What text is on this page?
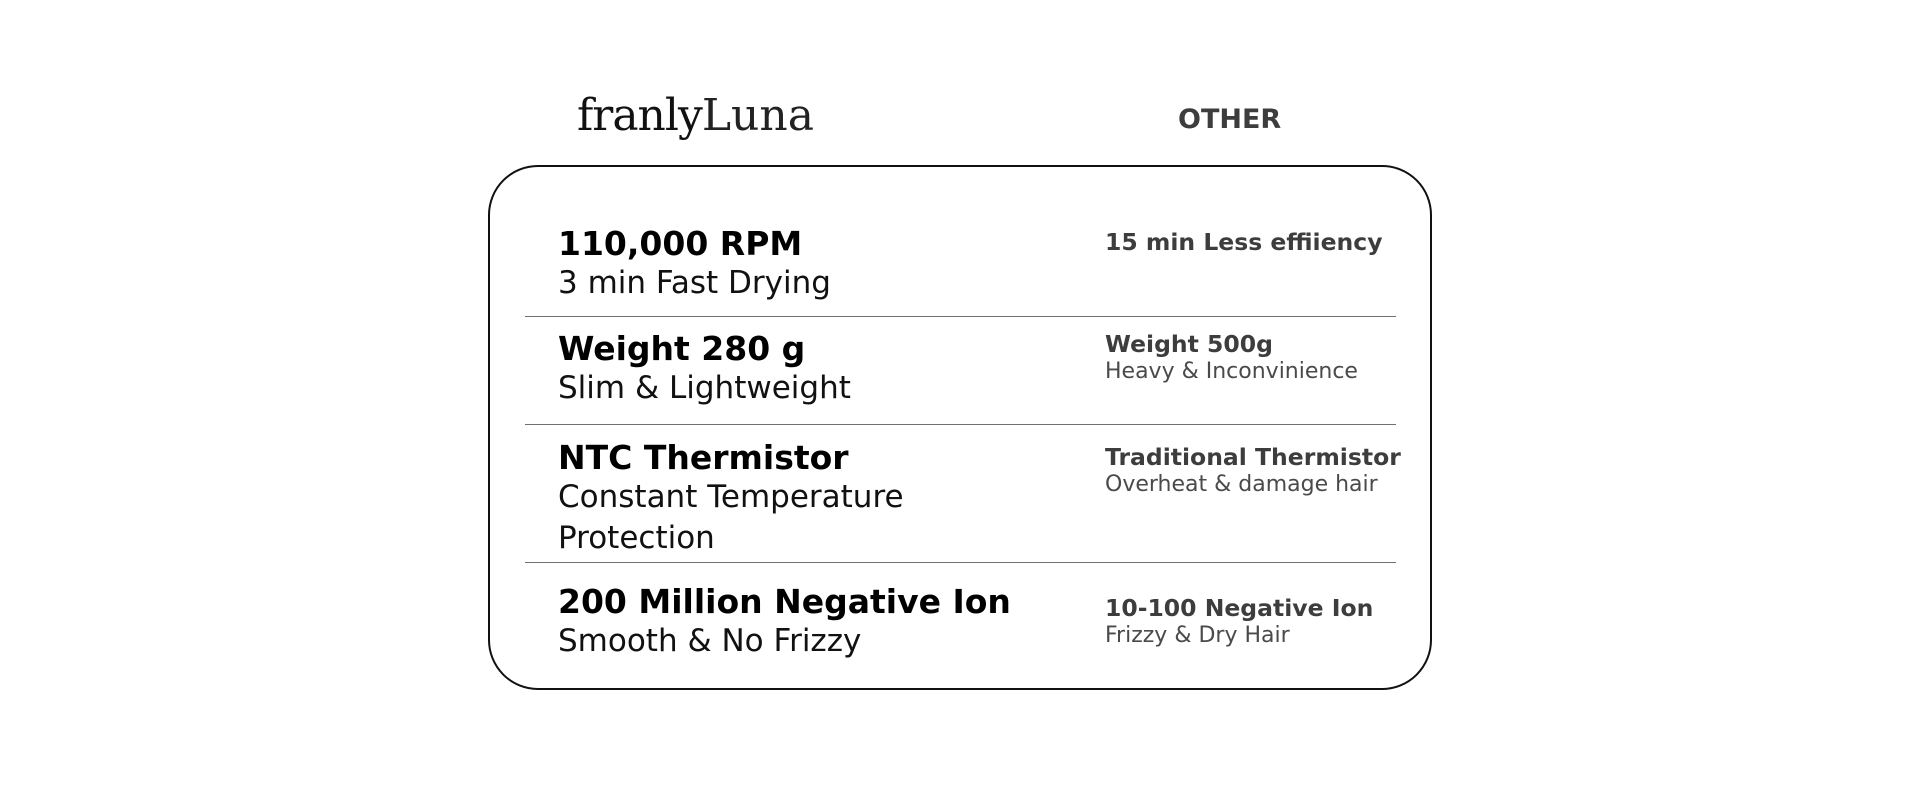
franlyLuna	OTHER
110,000 RPM
3 min Fast Drying
15 min Less effiiency
Weight 280 g
Slim & Lightweight
Weight 500g
Heavy & Inconvinience
NTC Thermistor
Constant Temperature Protection
Traditional Thermistor
Overheat & damage hair
200 Million Negative Ion
Smooth & No Frizzy
10-100 Negative Ion
Frizzy & Dry Hair
